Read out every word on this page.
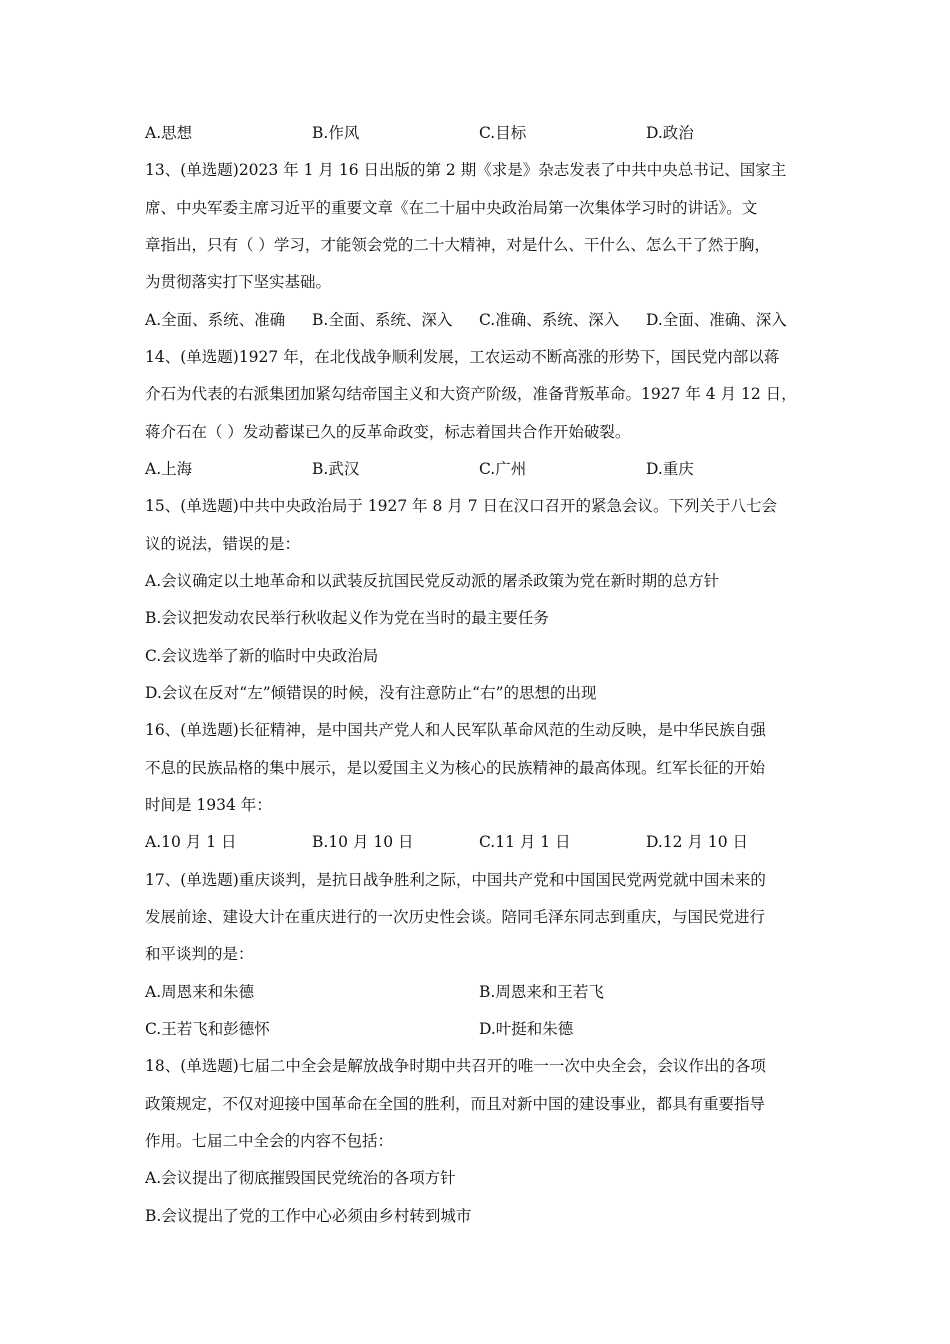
A.思想	B.作风	C.目标	D.政治
13、(单选题)2023 年 1 月 16 日出版的第 2 期《求是》杂志发表了中共中央总书记、国家主
席、中央军委主席习近平的重要文章《在二十届中央政治局第一次集体学习时的讲话》。文
章指出，只有（ ）学习，才能领会党的二十大精神，对是什么、干什么、怎么干了然于胸，
为贯彻落实打下坚实基础。
A.全面、系统、准确 B.全面、系统、深入 C.准确、系统、深入 D.全面、准确、深入
14、(单选题)1927 年，在北伐战争顺利发展，工农运动不断高涨的形势下，国民党内部以蒋
介石为代表的右派集团加紧勾结帝国主义和大资产阶级，准备背叛革命。1927 年 4 月 12 日，
蒋介石在（ ）发动蓄谋已久的反革命政变，标志着国共合作开始破裂。
A.上海	B.武汉	C.广州	D.重庆
15、(单选题)中共中央政治局于 1927 年 8 月 7 日在汉口召开的紧急会议。下列关于八七会
议的说法，错误的是：
A.会议确定以土地革命和以武装反抗国民党反动派的屠杀政策为党在新时期的总方针
B.会议把发动农民举行秋收起义作为党在当时的最主要任务
C.会议选举了新的临时中央政治局
D.会议在反对“左”倾错误的时候，没有注意防止“右”的思想的出现
16、(单选题)长征精神，是中国共产党人和人民军队革命风范的生动反映，是中华民族自强
不息的民族品格的集中展示，是以爱国主义为核心的民族精神的最高体现。红军长征的开始
时间是 1934 年：
A.10 月 1 日	B.10 月 10 日	C.11 月 1 日	D.12 月 10 日
17、(单选题)重庆谈判，是抗日战争胜利之际，中国共产党和中国国民党两党就中国未来的
发展前途、建设大计在重庆进行的一次历史性会谈。陪同毛泽东同志到重庆，与国民党进行
和平谈判的是：
A.周恩来和朱德	B.周恩来和王若飞
C.王若飞和彭德怀	D.叶挺和朱德
18、(单选题)七届二中全会是解放战争时期中共召开的唯一一次中央全会，会议作出的各项
政策规定，不仅对迎接中国革命在全国的胜利，而且对新中国的建设事业，都具有重要指导
作用。七届二中全会的内容不包括：
A.会议提出了彻底摧毁国民党统治的各项方针
B.会议提出了党的工作中心必须由乡村转到城市
